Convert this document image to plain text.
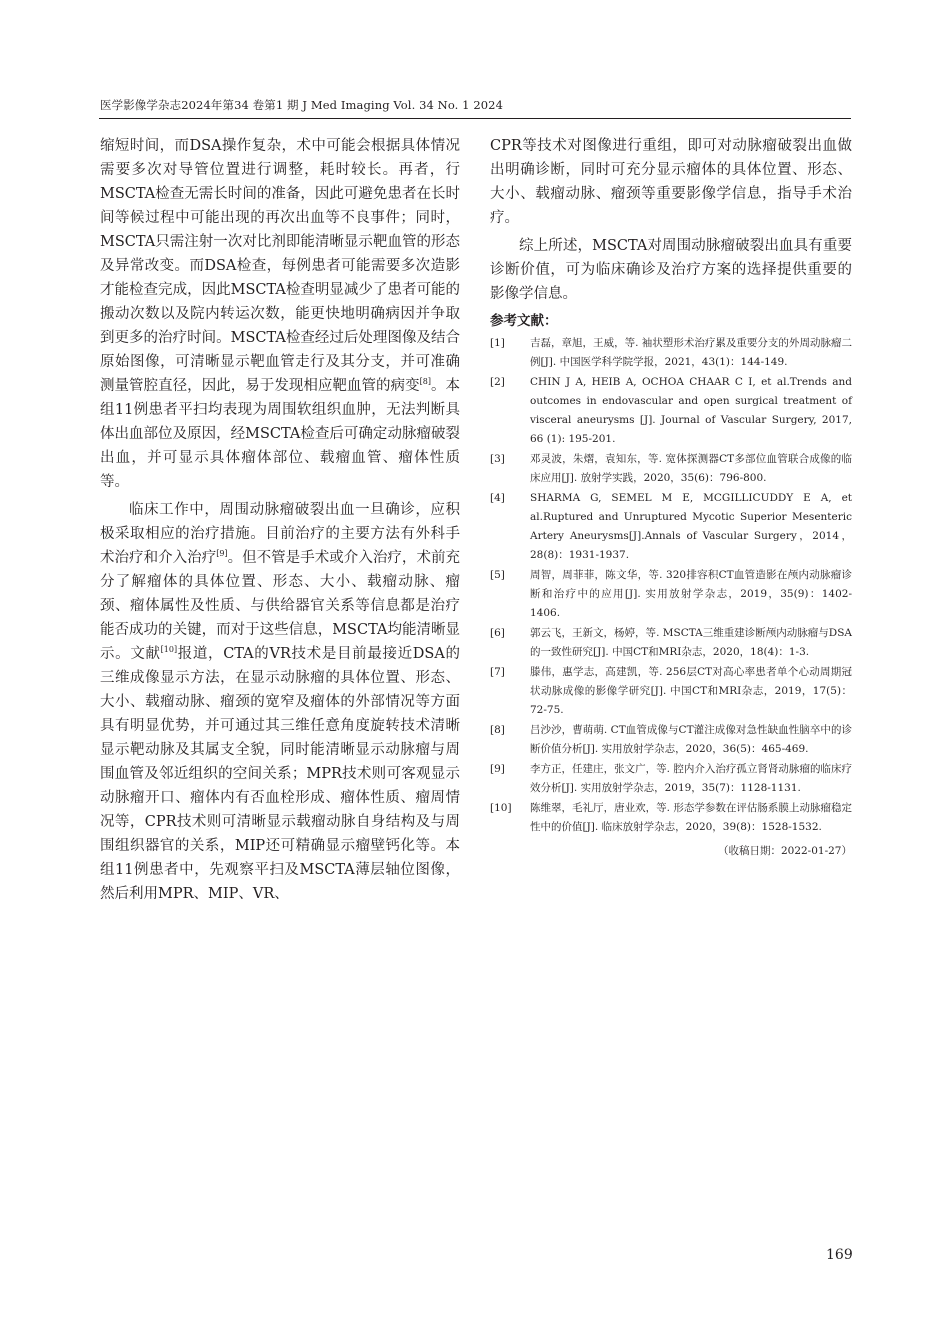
医学影像学杂志2024年第34 卷第1 期 J Med Imaging Vol. 34 No. 1 2024

缩短时间，而DSA操作复杂，术中可能会根据具体情况需要多次对导管位置进行调整，耗时较长。再者，行MSCTA检查无需长时间的准备，因此可避免患者在长时间等候过程中可能出现的再次出血等不良事件；同时，MSCTA只需注射一次对比剂即能清晰显示靶血管的形态及异常改变。而DSA检查，每例患者可能需要多次造影才能检查完成，因此MSCTA检查明显减少了患者可能的搬动次数以及院内转运次数，能更快地明确病因并争取到更多的治疗时间。MSCTA检查经过后处理图像及结合原始图像，可清晰显示靶血管走行及其分支，并可准确测量管腔直径，因此，易于发现相应靶血管的病变[8]。本组11例患者平扫均表现为周围软组织血肿，无法判断具体出血部位及原因，经MSCTA检查后可确定动脉瘤破裂出血，并可显示具体瘤体部位、载瘤血管、瘤体性质等。

临床工作中，周围动脉瘤破裂出血一旦确诊，应积极采取相应的治疗措施。目前治疗的主要方法有外科手术治疗和介入治疗[9]。但不管是手术或介入治疗，术前充分了解瘤体的具体位置、形态、大小、载瘤动脉、瘤颈、瘤体属性及性质、与供给器官关系等信息都是治疗能否成功的关键，而对于这些信息，MSCTA均能清晰显示。文献[10]报道，CTA的VR技术是目前最接近DSA的三维成像显示方法，在显示动脉瘤的具体位置、形态、大小、载瘤动脉、瘤颈的宽窄及瘤体的外部情况等方面具有明显优势，并可通过其三维任意角度旋转技术清晰显示靶动脉及其属支全貌，同时能清晰显示动脉瘤与周围血管及邻近组织的空间关系；MPR技术则可客观显示动脉瘤开口、瘤体内有否血栓形成、瘤体性质、瘤周情况等，CPR技术则可清晰显示载瘤动脉自身结构及与周围组织器官的关系，MIP还可精确显示瘤壁钙化等。本组11例患者中，先观察平扫及MSCTA薄层轴位图像，然后利用MPR、MIP、VR、

CPR等技术对图像进行重组，即可对动脉瘤破裂出血做出明确诊断，同时可充分显示瘤体的具体位置、形态、大小、载瘤动脉、瘤颈等重要影像学信息，指导手术治疗。

综上所述，MSCTA对周围动脉瘤破裂出血具有重要诊断价值，可为临床确诊及治疗方案的选择提供重要的影像学信息。

参考文献：
[1] 吉磊，章旭，王威，等. 袖状塑形术治疗累及重要分支的外周动脉瘤二例[J]. 中国医学科学院学报，2021，43(1)：144-149.
[2] CHIN J A, HEIB A, OCHOA CHAAR C I, et al.Trends and outcomes in endovascular and open surgical treatment of visceral aneurysms [J]. Journal of Vascular Surgery, 2017, 66 (1): 195-201.
[3] 邓灵波，朱熠，袁知东，等. 宽体探测器CT多部位血管联合成像的临床应用[J]. 放射学实践，2020，35(6)：796-800.
[4] SHARMA G, SEMEL M E, MCGILLICUDDY E A, et al.Ruptured and Unruptured Mycotic Superior Mesenteric Artery Aneurysms[J].Annals of Vascular Surgery，2014，28(8)：1931-1937.
[5] 周智，周菲菲，陈文华，等. 320排容积CT血管造影在颅内动脉瘤诊断和治疗中的应用[J]. 实用放射学杂志，2019，35(9)：1402-1406.
[6] 郭云飞，王新文，杨婷，等. MSCTA三维重建诊断颅内动脉瘤与DSA的一致性研究[J]. 中国CT和MRI杂志，2020，18(4)：1-3.
[7] 滕伟，惠学志，高建凯，等. 256层CT对高心率患者单个心动周期冠状动脉成像的影像学研究[J]. 中国CT和MRI杂志，2019，17(5)：72-75.
[8] 吕沙沙，曹萌萌. CT血管成像与CT灌注成像对急性缺血性脑卒中的诊断价值分析[J]. 实用放射学杂志，2020，36(5)：465-469.
[9] 李方正，任建庄，张文广，等. 腔内介入治疗孤立肾肾动脉瘤的临床疗效分析[J]. 实用放射学杂志，2019，35(7)：1128-1131.
[10] 陈维翠，毛礼厅，唐业欢，等. 形态学参数在评估肠系膜上动脉瘤稳定性中的价值[J]. 临床放射学杂志，2020，39(8)：1528-1532.
（收稿日期：2022-01-27）
169
